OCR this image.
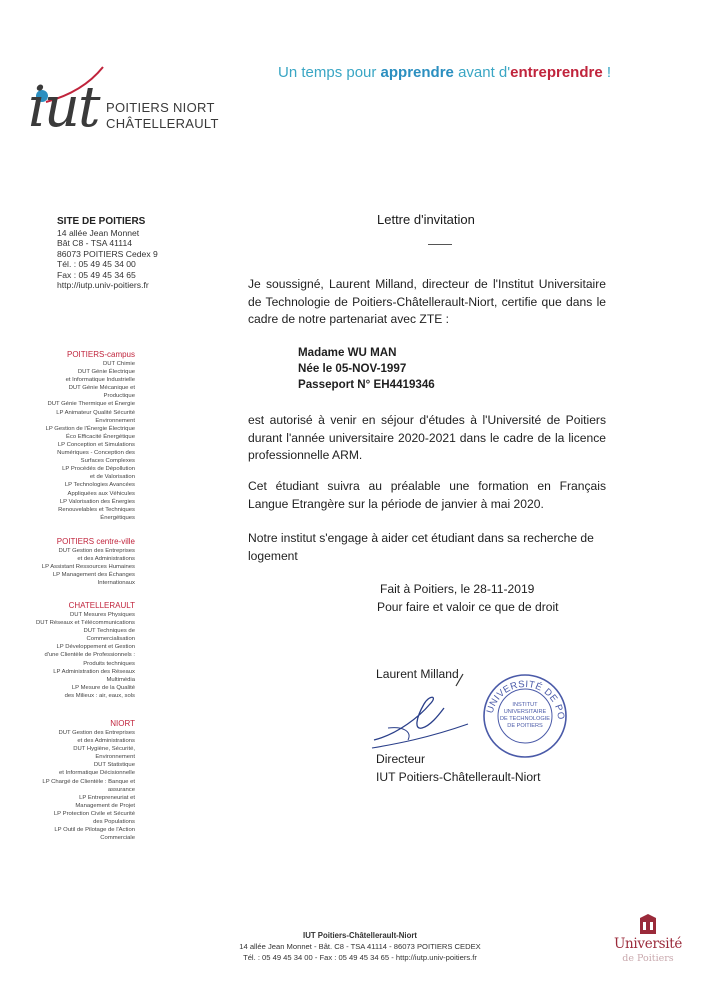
iut POITIERS NIORT
CHÂTELLERAULT
Un temps pour apprendre avant d'entreprendre !
SITE DE POITIERS
14 allée Jean Monnet
Bât C8 - TSA 41114
86073 POITIERS Cedex 9
Tél. : 05 49 45 34 00
Fax : 05 49 45 34 65
http://iutp.univ-poitiers.fr
POITIERS-campus
DUT Chimie
DUT Génie Électrique
et Informatique Industrielle
DUT Génie Mécanique et
Productique
DUT Génie Thermique et Énergie
LP Animateur Qualité Sécurité
Environnement
LP Gestion de l'Énergie Électrique
Éco Efficacité Énergétique
LP Conception et Simulations
Numériques - Conception des
Surfaces Complexes
LP Procédés de Dépollution
et de Valorisation
LP Technologies Avancées
Appliquées aux Véhicules
LP Valorisation des Énergies
Renouvelables et Techniques
Énergétiques
POITIERS centre-ville
DUT Gestion des Entreprises
et des Administrations
LP Assistant Ressources Humaines
LP Management des Échanges
Internationaux
CHATELLERAULT
DUT Mesures Physiques
DUT Réseaux et Télécommunications
DUT Techniques de
Commercialisation
LP Développement et Gestion
d'une Clientèle de Professionnels :
Produits techniques
LP Administration des Réseaux
Multimédia
LP Mesure de la Qualité
des Milieux : air, eaux, sols
NIORT
DUT Gestion des Entreprises
et des Administrations
DUT Hygiène, Sécurité,
Environnement
DUT Statistique
et Informatique Décisionnelle
LP Chargé de Clientèle : Banque et
assurance
LP Entrepreneuriat et
Management de Projet
LP Protection Civile et Sécurité
des Populations
LP Outil de Pilotage de l'Action
Commerciale
Lettre d'invitation
Je soussigné, Laurent Milland, directeur de l'Institut Universitaire de Technologie de Poitiers-Châtellerault-Niort, certifie que dans le cadre de notre partenariat avec ZTE :
Madame WU MAN
Née le 05-NOV-1997
Passeport N° EH4419346
est autorisé à venir en séjour d'études à l'Université de Poitiers durant l'année universitaire 2020-2021 dans le cadre de la licence professionnelle ARM.
Cet étudiant suivra au préalable une formation en Français Langue Etrangère sur la période de janvier à mai 2020.
Notre institut s'engage à aider cet étudiant dans sa recherche de logement
Fait à Poitiers, le 28-11-2019
Pour faire et valoir ce que de droit
Laurent Milland
UNIVERSITÉ DE PO
INSTITUT
UNIVERSITAIRE
DE TECHNOLOGIE
DE POITIERS
Directeur
IUT Poitiers-Châtellerault-Niort
IUT Poitiers-Châtellerault-Niort
14 allée Jean Monnet - Bât. C8 - TSA 41114 - 86073 POITIERS CEDEX
Tél. : 05 49 45 34 00 - Fax : 05 49 45 34 65 - http://iutp.univ-poitiers.fr
Université
de Poitiers
